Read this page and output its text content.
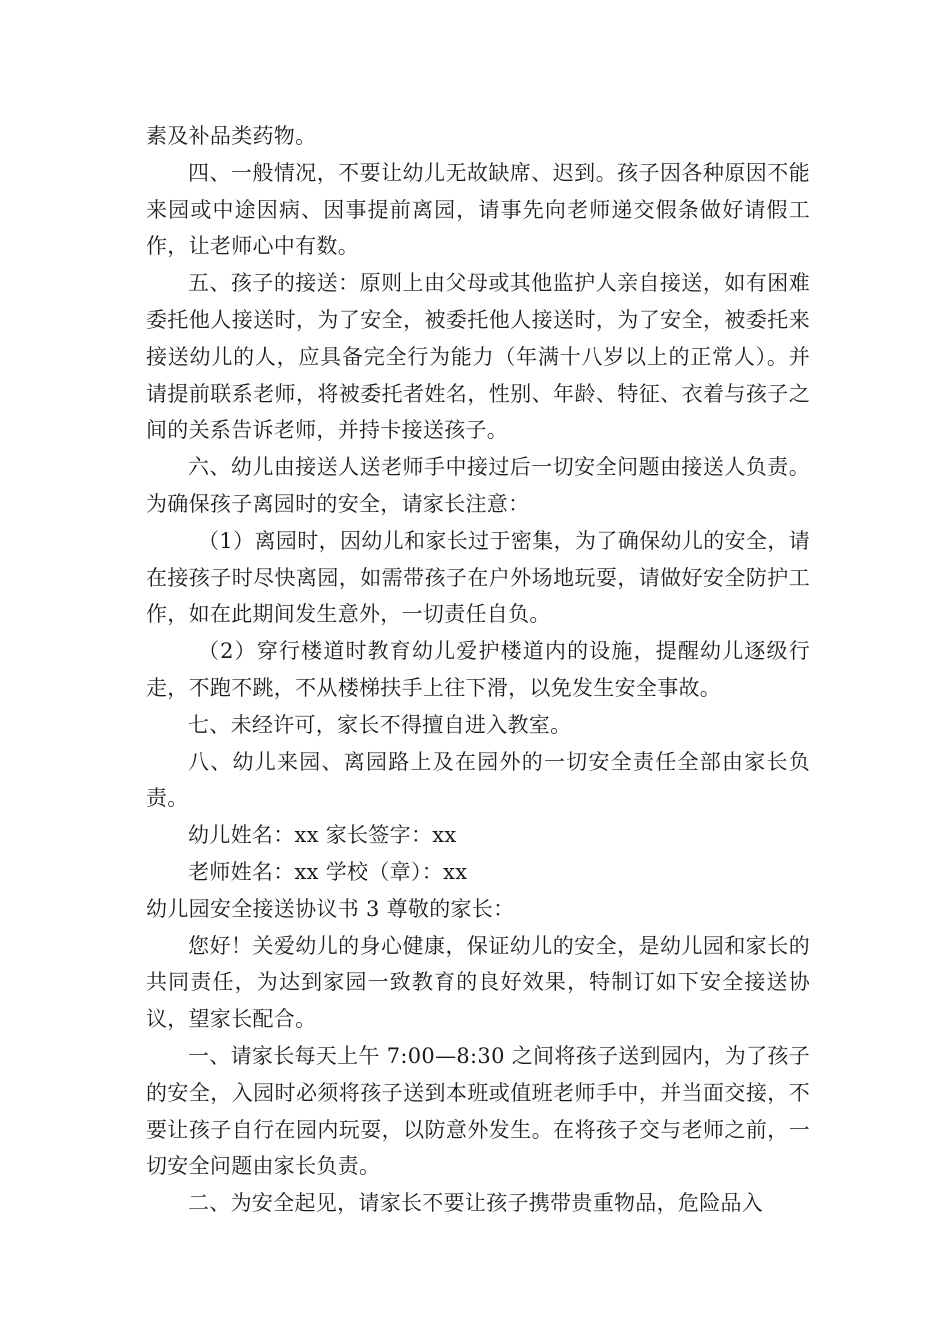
素及补品类药物。

四、一般情况，不要让幼儿无故缺席、迟到。孩子因各种原因不能来园或中途因病、因事提前离园，请事先向老师递交假条做好请假工作，让老师心中有数。

五、孩子的接送：原则上由父母或其他监护人亲自接送，如有困难委托他人接送时，为了安全，被委托他人接送时，为了安全，被委托来接送幼儿的人，应具备完全行为能力（年满十八岁以上的正常人）。并请提前联系老师，将被委托者姓名，性别、年龄、特征、衣着与孩子之间的关系告诉老师，并持卡接送孩子。

六、幼儿由接送人送老师手中接过后一切安全问题由接送人负责。为确保孩子离园时的安全，请家长注意：

（1）离园时，因幼儿和家长过于密集，为了确保幼儿的安全，请在接孩子时尽快离园，如需带孩子在户外场地玩耍，请做好安全防护工作，如在此期间发生意外，一切责任自负。

（2）穿行楼道时教育幼儿爱护楼道内的设施，提醒幼儿逐级行走，不跑不跳，不从楼梯扶手上往下滑，以免发生安全事故。

七、未经许可，家长不得擅自进入教室。

八、幼儿来园、离园路上及在园外的一切安全责任全部由家长负责。

幼儿姓名：xx 家长签字：xx

老师姓名：xx 学校（章）：xx

幼儿园安全接送协议书 3 尊敬的家长：

您好！关爱幼儿的身心健康，保证幼儿的安全，是幼儿园和家长的共同责任，为达到家园一致教育的良好效果，特制订如下安全接送协议，望家长配合。

一、请家长每天上午 7:00—8:30 之间将孩子送到园内，为了孩子的安全，入园时必须将孩子送到本班或值班老师手中，并当面交接，不要让孩子自行在园内玩耍，以防意外发生。在将孩子交与老师之前，一切安全问题由家长负责。

二、为安全起见，请家长不要让孩子携带贵重物品，危险品入
